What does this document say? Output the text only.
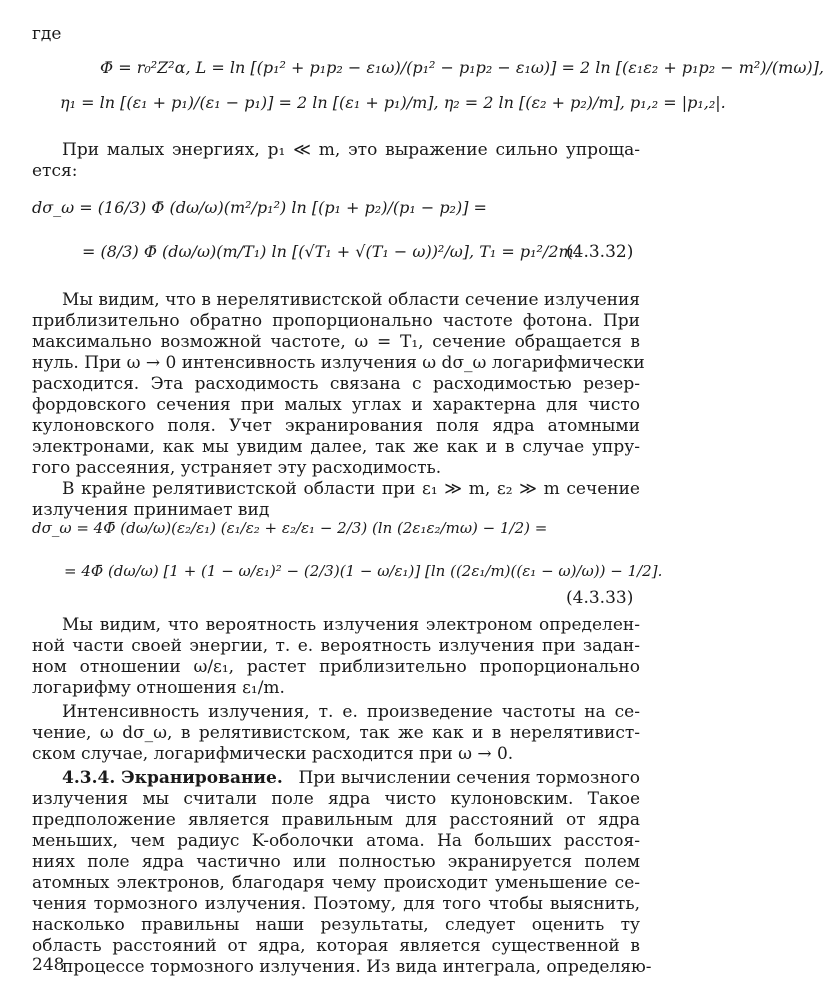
где
Φ̄ = r₀²Z²α, L = ln [(p₁² + p₁p₂ − ε₁ω)/(p₁² − p₁p₂ − ε₁ω)] = 2 ln [(ε₁ε₂ + p₁p₂ − m²)/(mω)],
η₁ = ln [(ε₁ + p₁)/(ε₁ − p₁)] = 2 ln [(ε₁ + p₁)/m], η₂ = 2 ln [(ε₂ + p₂)/m], p₁,₂ = |p₁,₂|.
При малых энергиях, p₁ ≪ m, это выражение сильно упроща-
ется:
dσ_ω = (16/3) Φ̄ (dω/ω)(m²/p₁²) ln [(p₁ + p₂)/(p₁ − p₂)] =
= (8/3) Φ̄ (dω/ω)(m/T₁) ln [(√T₁ + √(T₁ − ω))²/ω], T₁ = p₁²/2m.
(4.3.32)
Мы видим, что в нерелятивистской области сечение излучения
приблизительно обратно пропорционально частоте фотона. При
максимально возможной частоте, ω = T₁, сечение обращается в
нуль. При ω → 0 интенсивность излучения ω dσ_ω логарифмически
расходится. Эта расходимость связана с расходимостью резер-
фордовского сечения при малых углах и характерна для чисто
кулоновского поля. Учет экранирования поля ядра атомными
электронами, как мы увидим далее, так же как и в случае упру-
гого рассеяния, устраняет эту расходимость.
В крайне релятивистской области при ε₁ ≫ m, ε₂ ≫ m сечение
излучения принимает вид
dσ_ω = 4Φ̄ (dω/ω)(ε₂/ε₁) (ε₁/ε₂ + ε₂/ε₁ − 2/3) (ln (2ε₁ε₂/mω) − 1/2) =
= 4Φ̄ (dω/ω) [1 + (1 − ω/ε₁)² − (2/3)(1 − ω/ε₁)] [ln ((2ε₁/m)((ε₁ − ω)/ω)) − 1/2].
(4.3.33)
Мы видим, что вероятность излучения электроном определен-
ной части своей энергии, т. е. вероятность излучения при задан-
ном отношении ω/ε₁, растет приблизительно пропорционально
логарифму отношения ε₁/m.
Интенсивность излучения, т. е. произведение частоты на се-
чение, ω dσ_ω, в релятивистском, так же как и в нерелятивист-
ском случае, логарифмически расходится при ω → 0.
4.3.4. Экранирование. При вычислении сечения тормозного
излучения мы считали поле ядра чисто кулоновским. Такое
предположение является правильным для расстояний от ядра
меньших, чем радиус K-оболочки атома. На больших расстоя-
ниях поле ядра частично или полностью экранируется полем
атомных электронов, благодаря чему происходит уменьшение се-
чения тормозного излучения. Поэтому, для того чтобы выяснить,
насколько правильны наши результаты, следует оценить ту
область расстояний от ядра, которая является существенной в
процессе тормозного излучения. Из вида интеграла, определяю-
248
